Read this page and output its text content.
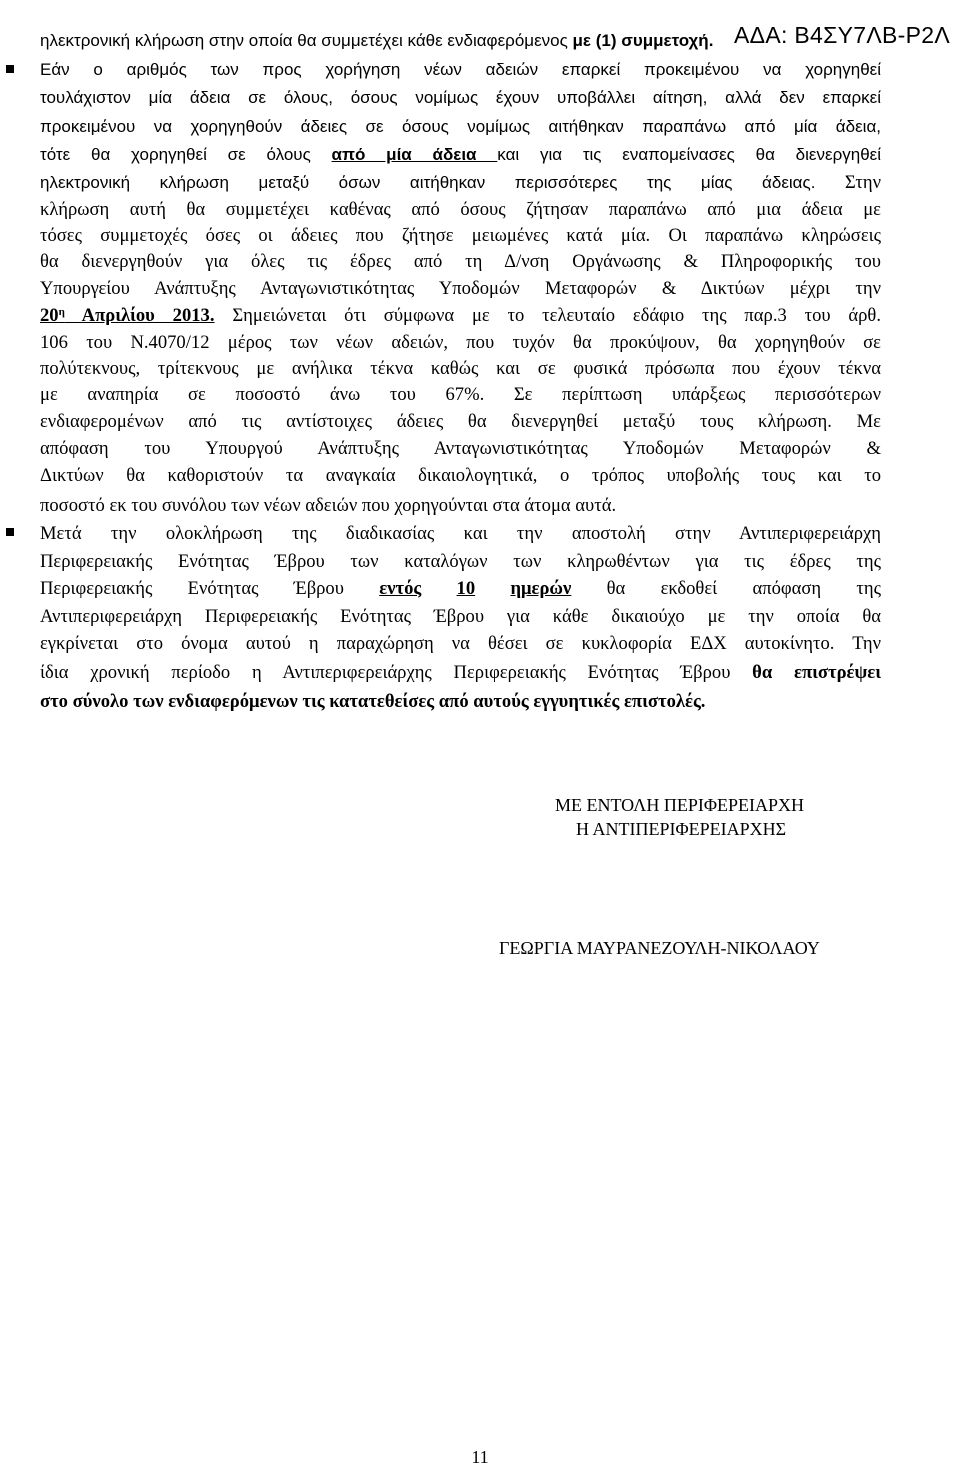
ΑΔΑ: Β4ΣΥ7ΛΒ-Ρ2Λ
ηλεκτρονική κλήρωση στην οποία θα συμμετέχει κάθε ενδιαφερόμενος με (1) συμμετοχή.
Εάν ο αριθμός των προς χορήγηση νέων αδειών επαρκεί προκειμένου να χορηγηθεί
τουλάχιστον μία άδεια σε όλους, όσους νομίμως έχουν υποβάλλει αίτηση, αλλά δεν επαρκεί
προκειμένου να χορηγηθούν άδειες σε όσους νομίμως αιτήθηκαν παραπάνω από μία άδεια,
τότε θα χορηγηθεί σε όλους από μία άδεια και για τις εναπομείνασες θα διενεργηθεί
ηλεκτρονική κλήρωση μεταξύ όσων αιτήθηκαν περισσότερες της μίας άδειας. Στην
κλήρωση αυτή θα συμμετέχει καθένας από όσους ζήτησαν παραπάνω από μια άδεια με
τόσες συμμετοχές όσες οι άδειες που ζήτησε μειωμένες κατά μία. Οι παραπάνω κληρώσεις
θα διενεργηθούν για όλες τις έδρες από τη Δ/νση Οργάνωσης & Πληροφορικής του
Υπουργείου Ανάπτυξης Ανταγωνιστικότητας Υποδομών Μεταφορών & Δικτύων μέχρι την
$20^\eta$ Απριλίου 2013. Σημειώνεται ότι σύμφωνα με το τελευταίο εδάφιο της παρ.3 του άρθ.
106 του Ν.4070/12 μέρος των νέων αδειών, που τυχόν θα προκύψουν, θα χορηγηθούν σε
πολύτεκνους, τρίτεκνους με ανήλικα τέκνα καθώς και σε φυσικά πρόσωπα που έχουν τέκνα
με αναπηρία σε ποσοστό άνω του 67%. Σε περίπτωση υπάρξεως περισσότερων
ενδιαφερομένων από τις αντίστοιχες άδειες θα διενεργηθεί μεταξύ τους κλήρωση. Με
απόφαση του Υπουργού Ανάπτυξης Ανταγωνιστικότητας Υποδομών Μεταφορών &
Δικτύων θα καθοριστούν τα αναγκαία δικαιολογητικά, ο τρόπος υποβολής τους και το
ποσοστό εκ του συνόλου των νέων αδειών που χορηγούνται στα άτομα αυτά.
Μετά την ολοκλήρωση της διαδικασίας και την αποστολή στην Αντιπεριφερειάρχη
Περιφερειακής Ενότητας Έβρου των καταλόγων των κληρωθέντων για τις έδρες της
Περιφερειακής Ενότητας Έβρου εντός 10 ημερών θα εκδοθεί απόφαση της
Αντιπεριφερειάρχη Περιφερειακής Ενότητας Έβρου για κάθε δικαιούχο με την οποία θα
εγκρίνεται στο όνομα αυτού η παραχώρηση να θέσει σε κυκλοφορία ΕΔΧ αυτοκίνητο. Την
ίδια χρονική περίοδο η Αντιπεριφερειάρχης Περιφερειακής Ενότητας Έβρου θα επιστρέψει
στο σύνολο των ενδιαφερόμενων τις κατατεθείσες από αυτούς εγγυητικές επιστολές.
ΜΕ ΕΝΤΟΛΗ ΠΕΡΙΦΕΡΕΙΑΡΧΗ
Η ΑΝΤΙΠΕΡΙΦΕΡΕΙΑΡΧΗΣ
ΓΕΩΡΓΙΑ ΜΑΥΡΑΝΕΖΟΥΛΗ-ΝΙΚΟΛΑΟΥ
11
